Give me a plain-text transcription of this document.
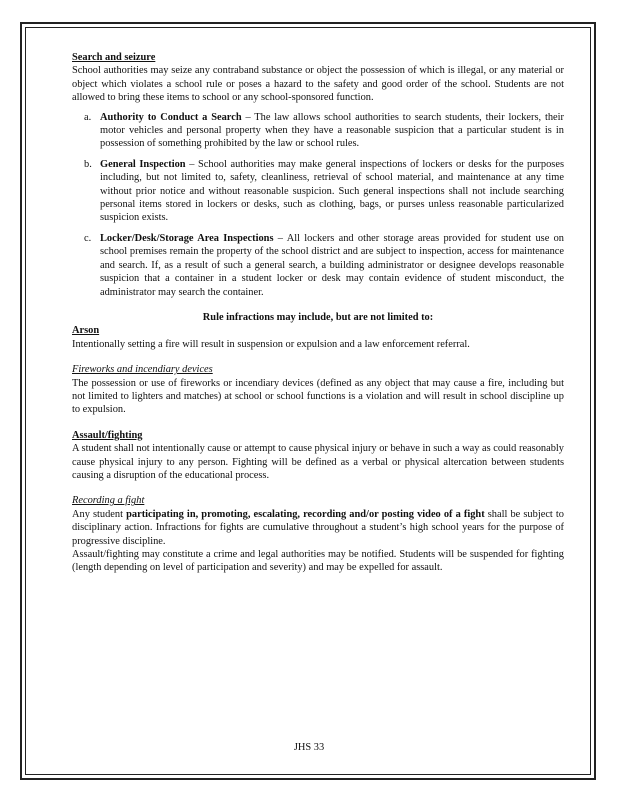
Search and seizure

School authorities may seize any contraband substance or object the possession of which is illegal, or any material or object which violates a school rule or poses a hazard to the safety and good order of the school. Students are not allowed to bring these items to school or any school-sponsored function.

a. Authority to Conduct a Search – The law allows school authorities to search students, their lockers, their motor vehicles and personal property when they have a reasonable suspicion that a particular student is in possession of something prohibited by the law or school rules.
b. General Inspection – School authorities may make general inspections of lockers or desks for the purposes including, but not limited to, safety, cleanliness, retrieval of school material, and maintenance at any time without prior notice and without reasonable suspicion. Such general inspections shall not include searching personal items stored in lockers or desks, such as clothing, bags, or purses unless reasonable particularized suspicion exists.
c. Locker/Desk/Storage Area Inspections – All lockers and other storage areas provided for student use on school premises remain the property of the school district and are subject to inspection, access for maintenance and search. If, as a result of such a general search, a building administrator or designee develops reasonable suspicion that a container in a student locker or desk may contain evidence of student misconduct, the administrator may search the container.

Rule infractions may include, but are not limited to:

Arson

Intentionally setting a fire will result in suspension or expulsion and a law enforcement referral.

Fireworks and incendiary devices

The possession or use of fireworks or incendiary devices (defined as any object that may cause a fire, including but not limited to lighters and matches) at school or school functions is a violation and will result in school discipline up to expulsion.

Assault/fighting

A student shall not intentionally cause or attempt to cause physical injury or behave in such a way as could reasonably cause physical injury to any person. Fighting will be defined as a verbal or physical altercation between students causing a disruption of the educational process.

Recording a fight

Any student participating in, promoting, escalating, recording and/or posting video of a fight shall be subject to disciplinary action. Infractions for fights are cumulative throughout a student’s high school years for the purpose of progressive discipline.

Assault/fighting may constitute a crime and legal authorities may be notified. Students will be suspended for fighting (length depending on level of participation and severity) and may be expelled for assault.

JHS 33
